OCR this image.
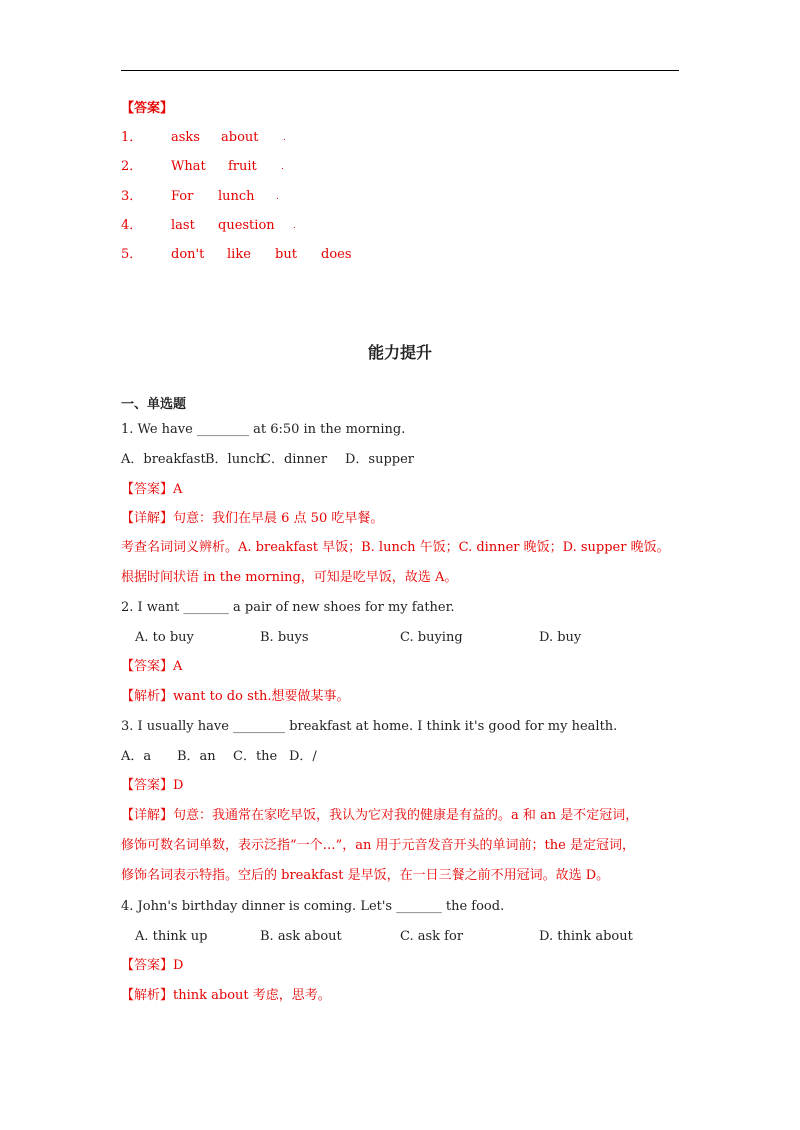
【答案】
1． asks about	.
2． What fruit	.
3． For lunch .
4． last question .
5． don't like but does
能力提升
一、单选题
1. We have ________ at 6:50 in the morning.
A．breakfast B．lunch
C．dinner D．supper
【答案】A
【详解】句意：我们在早晨 6 点 50 吃早餐。
考查名词词义辨析。A. breakfast 早饭；B. lunch 午饭；C. dinner 晚饭；D. supper 晚饭。
根据时间状语 in the morning，可知是吃早饭，故选 A。
2. I want _______ a pair of new shoes for my father.
A. to buy	B. buys	C. buying	D. buy
【答案】A
【解析】want to do sth.想要做某事。
3. I usually have ________ breakfast at home. I think it's good for my health.
A．a B．an C．the D．/
【答案】D
【详解】句意：我通常在家吃早饭，我认为它对我的健康是有益的。a 和 an 是不定冠词，
修饰可数名词单数，表示泛指“一个…”，an 用于元音发音开头的单词前；the 是定冠词，
修饰名词表示特指。空后的 breakfast 是早饭，在一日三餐之前不用冠词。故选 D。
4. John's birthday dinner is coming. Let's _______ the food.
A. think up	B. ask about	C. ask for	D. think about
【答案】D
【解析】think about 考虑，思考。
